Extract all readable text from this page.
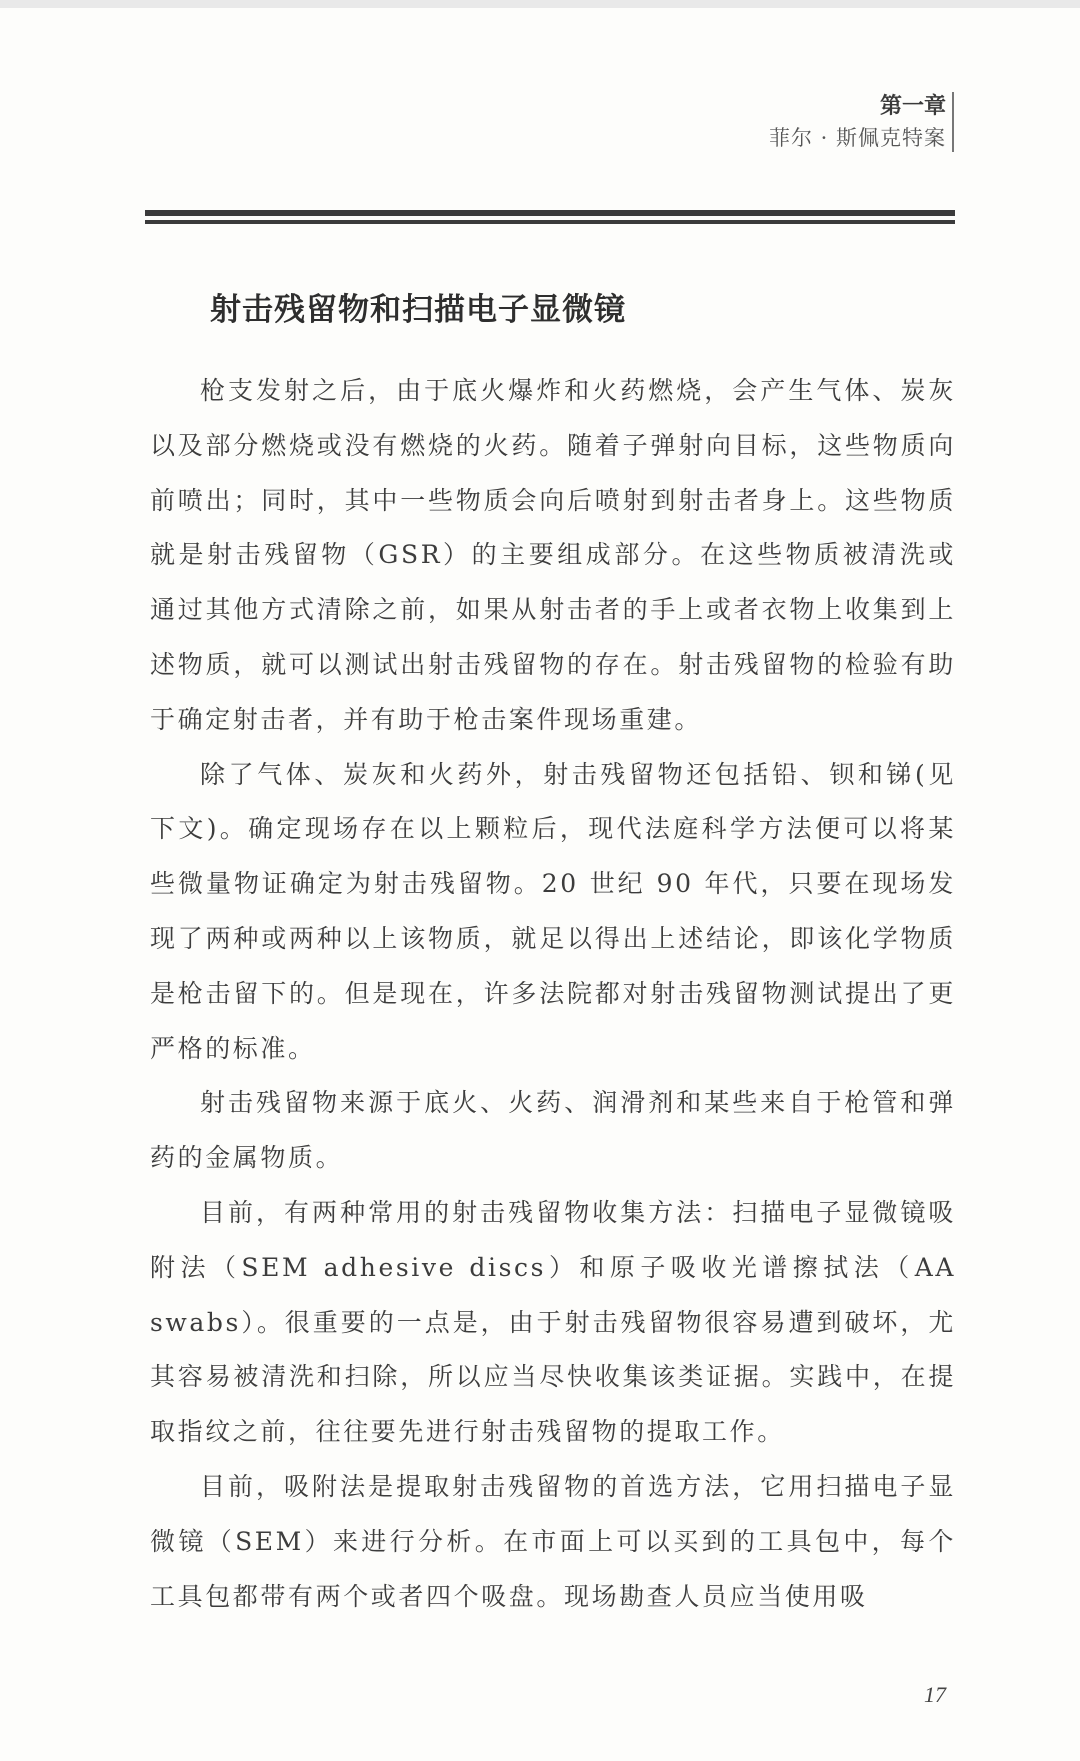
第一章
菲尔 · 斯佩克特案
射击残留物和扫描电子显微镜

枪支发射之后，由于底火爆炸和火药燃烧，会产生气体、炭灰以及部分燃烧或没有燃烧的火药。随着子弹射向目标，这些物质向前喷出；同时，其中一些物质会向后喷射到射击者身上。这些物质就是射击残留物（GSR）的主要组成部分。在这些物质被清洗或通过其他方式清除之前，如果从射击者的手上或者衣物上收集到上述物质，就可以测试出射击残留物的存在。射击残留物的检验有助于确定射击者，并有助于枪击案件现场重建。

除了气体、炭灰和火药外，射击残留物还包括铅、钡和锑(见下文)。确定现场存在以上颗粒后，现代法庭科学方法便可以将某些微量物证确定为射击残留物。20 世纪 90 年代，只要在现场发现了两种或两种以上该物质，就足以得出上述结论，即该化学物质是枪击留下的。但是现在，许多法院都对射击残留物测试提出了更严格的标准。

射击残留物来源于底火、火药、润滑剂和某些来自于枪管和弹药的金属物质。

目前，有两种常用的射击残留物收集方法：扫描电子显微镜吸附法（SEM adhesive discs）和原子吸收光谱擦拭法（AA swabs）。很重要的一点是，由于射击残留物很容易遭到破坏，尤其容易被清洗和扫除，所以应当尽快收集该类证据。实践中，在提取指纹之前，往往要先进行射击残留物的提取工作。

目前，吸附法是提取射击残留物的首选方法，它用扫描电子显微镜（SEM）来进行分析。在市面上可以买到的工具包中，每个工具包都带有两个或者四个吸盘。现场勘查人员应当使用吸

17
